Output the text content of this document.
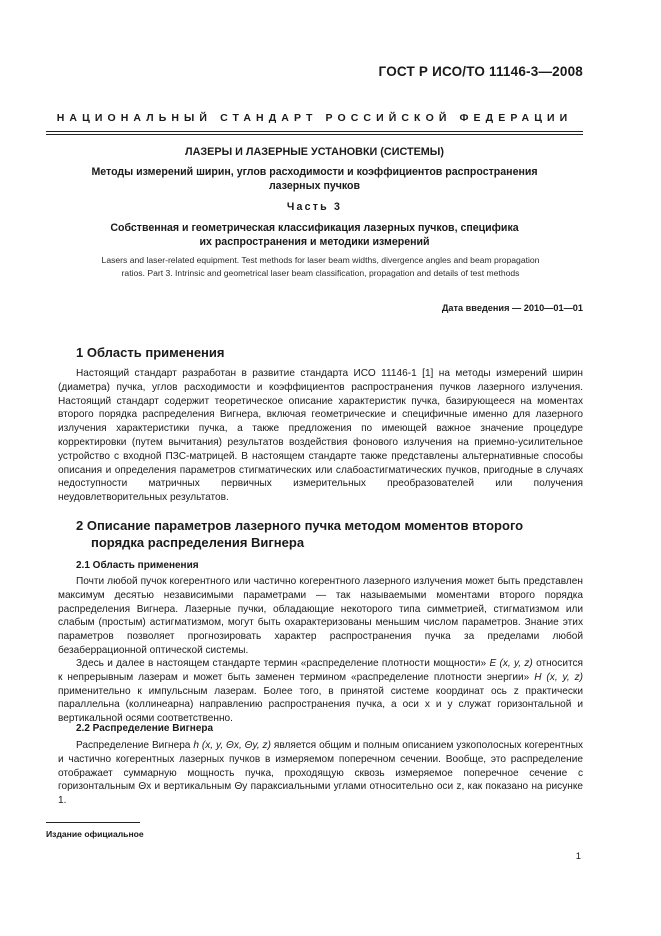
ГОСТ Р ИСО/ТО 11146-3—2008
НАЦИОНАЛЬНЫЙ СТАНДАРТ РОССИЙСКОЙ ФЕДЕРАЦИИ
ЛАЗЕРЫ И ЛАЗЕРНЫЕ УСТАНОВКИ (СИСТЕМЫ)
Методы измерений ширин, углов расходимости и коэффициентов распространения
лазерных пучков
Часть 3
Собственная и геометрическая классификация лазерных пучков, специфика
их распространения и методики измерений
Lasers and laser-related equipment. Test methods for laser beam widths, divergence angles and beam propagation
ratios. Part 3. Intrinsic and geometrical laser beam classification, propagation and details of test methods
Дата введения — 2010—01—01
1 Область применения

Настоящий стандарт разработан в развитие стандарта ИСО 11146-1 [1] на методы измерений ширин (диаметра) пучка, углов расходимости и коэффициентов распространения пучков лазерного излучения. Настоящий стандарт содержит теоретическое описание характеристик пучка, базирующееся на моментах второго порядка распределения Вигнера, включая геометрические и специфичные именно для лазерного излучения характеристики пучка, а также предложения по имеющей важное значение процедуре корректировки (путем вычитания) результатов воздействия фонового излучения на приемно-усилительное устройство с входной ПЗС-матрицей. В настоящем стандарте также представлены альтернативные способы описания и определения параметров стигматических или слабоастигматических пучков, пригодные в случаях недоступности матричных первичных измерительных преобразователей или получения неудовлетворительных результатов.

2 Описание параметров лазерного пучка методом моментов второго
порядка распределения Вигнера
2.1 Область применения

Почти любой пучок когерентного или частично когерентного лазерного излучения может быть представлен максимум десятью независимыми параметрами — так называемыми моментами второго порядка распределения Вигнера. Лазерные пучки, обладающие некоторого типа симметрией, стигматизмом или слабым (простым) астигматизмом, могут быть охарактеризованы меньшим числом параметров. Знание этих параметров позволяет прогнозировать характер распространения пучка за пределами любой безаберрационной оптической системы.

Здесь и далее в настоящем стандарте термин «распределение плотности мощности» E (x, y, z) относится к непрерывным лазерам и может быть заменен термином «распределение плотности энергии» H (x, y, z) применительно к импульсным лазерам. Более того, в принятой системе координат ось z практически параллельна (коллинеарна) направлению распространения пучка, а оси x и y служат горизонтальной и вертикальной осями соответственно.

2.2 Распределение Вигнера

Распределение Вигнера h (x, y, Θx, Θy, z) является общим и полным описанием узкополосных когерентных и частично когерентных лазерных пучков в измеряемом поперечном сечении. Вообще, это распределение отображает суммарную мощность пучка, проходящую сквозь измеряемое поперечное сечение с горизонтальным Θx и вертикальным Θy параксиальными углами относительно оси z, как показано на рисунке 1.

Издание официальное
1
